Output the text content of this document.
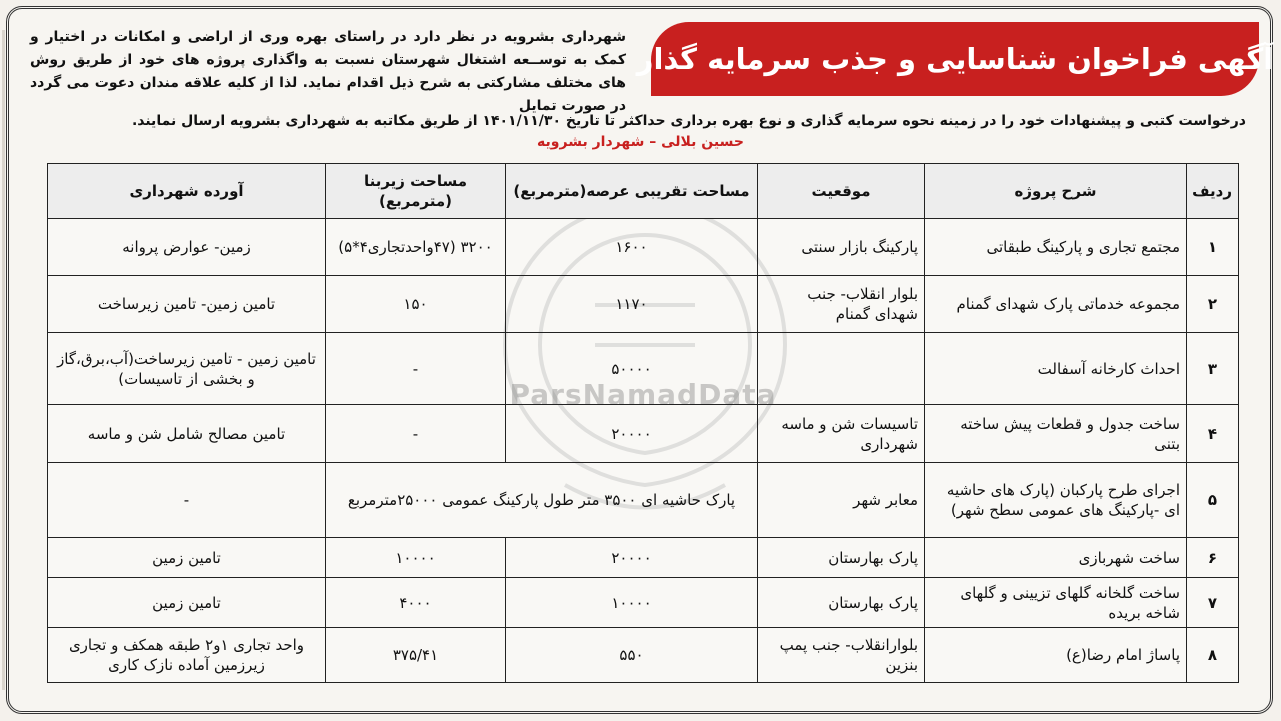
آگهی فراخوان شناسایی و جذب سرمایه گذار
شهرداری بشرویه در نظر دارد در راستای بهره وری از اراضی و امکانات در اختیار و کمک به توســعه اشتغال شهرستان نسبت به واگذاری پروژه های خود از طریق روش های مختلف مشارکتی به شرح ذیل اقدام نماید. لذا از کلیه علاقه مندان دعوت می گردد در صورت تمایل
درخواست کتبی و پیشنهادات خود را در زمینه نحوه سرمایه گذاری و نوع بهره برداری حداکثر تا تاریخ ۱۴۰۱/۱۱/۳۰ از طریق مکاتبه به شهرداری بشرویه ارسال نمایند.
حسین بلالی – شهردار بشرویه
ParsNamadData
ردیف	شرح پروژه	موقعیت	مساحت تقریبی عرصه(مترمربع)	مساحت زیربنا (مترمربع)	آورده شهرداری
۱	مجتمع تجاری و پارکینگ طبقاتی	پارکینگ بازار سنتی	۱۶۰۰	۳۲۰۰ (۴۷واحدتجاری۴*۵)	زمین- عوارض پروانه
۲	مجموعه خدماتی پارک شهدای گمنام	بلوار انقلاب- جنب شهدای گمنام	۱۱۷۰	۱۵۰	تامین زمین- تامین زیرساخت
۳	احداث کارخانه آسفالت		۵۰۰۰۰	-	تامین زمین - تامین زیرساخت(آب،برق،گاز و بخشی از تاسیسات)
۴	ساخت جدول و قطعات پیش ساخته بتنی	تاسیسات شن و ماسه شهرداری	۲۰۰۰۰	-	تامین مصالح شامل شن و ماسه
۵	اجرای طرح پارکبان (پارک های حاشیه ای -پارکینگ های عمومی سطح شهر)	معابر شهر	پارک حاشیه ای ۳۵۰۰ متر طول پارکینگ عمومی ۲۵۰۰۰مترمربع		-
۶	ساخت شهربازی	پارک بهارستان	۲۰۰۰۰	۱۰۰۰۰	تامین زمین
۷	ساخت گلخانه گلهای تزیینی و گلهای شاخه بریده	پارک بهارستان	۱۰۰۰۰	۴۰۰۰	تامین زمین
۸	پاساژ امام رضا(ع)	بلوارانقلاب- جنب پمپ بنزین	۵۵۰	۳۷۵/۴۱	واحد تجاری ۱و۲ طبقه همکف و تجاری زیرزمین آماده نازک کاری
